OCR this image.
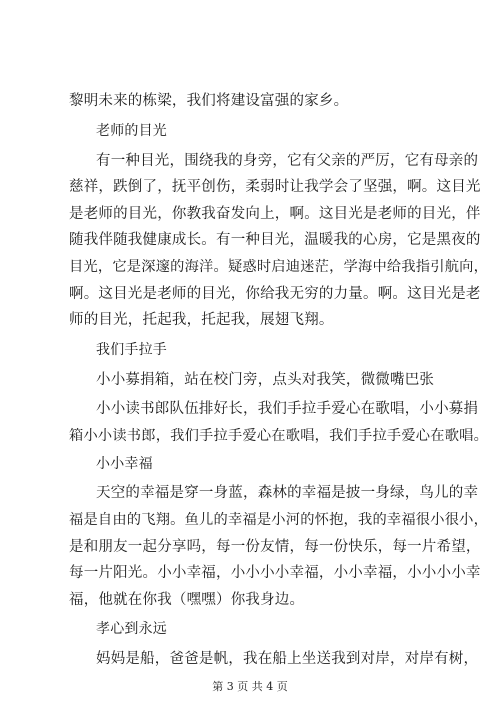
黎明未来的栋梁，我们将建设富强的家乡。
老师的目光
有一种目光，围绕我的身旁，它有父亲的严厉，它有母亲的
慈祥，跌倒了，抚平创伤，柔弱时让我学会了坚强，啊。这目光
是老师的目光，你教我奋发向上，啊。这目光是老师的目光，伴
随我伴随我健康成长。有一种目光，温暖我的心房，它是黑夜的
目光，它是深邃的海洋。疑惑时启迪迷茫，学海中给我指引航向，
啊。这目光是老师的目光，你给我无穷的力量。啊。这目光是老
师的目光，托起我，托起我，展翅飞翔。
我们手拉手
小小募捐箱，站在校门旁，点头对我笑，微微嘴巴张
小小读书郎队伍排好长，我们手拉手爱心在歌唱，小小募捐
箱小小读书郎，我们手拉手爱心在歌唱，我们手拉手爱心在歌唱。
小小幸福
天空的幸福是穿一身蓝，森林的幸福是披一身绿，鸟儿的幸
福是自由的飞翔。鱼儿的幸福是小河的怀抱，我的幸福很小很小，
是和朋友一起分享吗，每一份友情，每一份快乐，每一片希望，
每一片阳光。小小幸福，小小小小幸福，小小幸福，小小小小幸
福，他就在你我（嘿嘿）你我身边。
孝心到永远
妈妈是船，爸爸是帆，我在船上坐送我到对岸，对岸有树，
第 3 页 共 4 页
